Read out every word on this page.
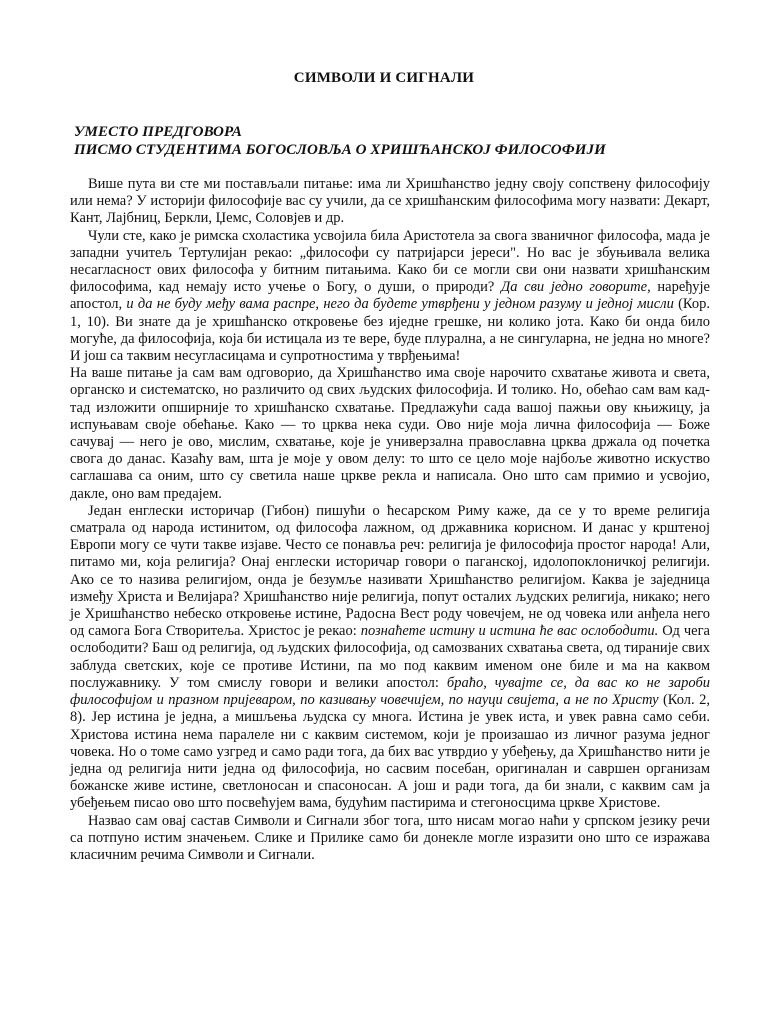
СИМВОЛИ И СИГНАЛИ
УМЕСТО ПРЕДГОВОРА
ПИСМО СТУДЕНТИМА БОГОСЛОВЉА О ХРИШЋАНСКОЈ ФИЛОСОФИЈИ

Више пута ви сте ми постављали питање: има ли Хришћанство једну своју сопствену философију или нема? У историји философије вас су учили, да се хришћанским философима могу назвати: Декарт, Кант, Лајбниц, Беркли, Џемс, Соловјев и др.

Чули сте, како је римска схоластика усвојила била Аристотела за свога званичног философа, мада је западни учитељ Тертулијан рекао: „философи су патријарси јереси". Но вас је збуњивала велика несагласност ових философа у битним питањима. Како би се могли сви они назвати хришћанским философима, кад немају исто учење о Богу, о души, о природи? Да сви једно говорите, наређује апостол, и да не буду међу вама распре, него да будете утврђени у једном разуму и једној мисли (Кор. 1, 10). Ви знате да је хришћанско откровење без иједне грешке, ни колико јота. Како би онда било могуће, да философија, која би истицала из те вере, буде плурална, а не сингуларна, не једна но многе? И још са таквим несугласицама и супротностима у тврђењима!

На ваше питање ја сам вам одговорио, да Хришћанство има своје нарочито схватање живота и света, органско и систематско, но различито од свих људских философија. И толико. Но, обећао сам вам кад-тад изложити опширније то хришћанско схватање. Предлажући сада вашој пажњи ову књижицу, ја испуњавам своје обећање. Како — то црква нека суди. Ово није моја лична философија — Боже сачувај — него је ово, мислим, схватање, које је универзална православна црква држала од почетка свога до данас. Казаћу вам, шта је моје у овом делу: то што се цело моје најбоље животно искуство саглашава са оним, што су светила наше цркве рекла и написала. Оно што сам примио и усвојио, дакле, оно вам предајем.

Један енглески историчар (Гибон) пишући о ћесарском Риму каже, да се у то време религија сматрала од народа истинитом, од философа лажном, од државника корисном. И данас у крштеној Европи могу се чути такве изјаве. Често се понавља реч: религија је философија простог народа! Али, питамо ми, која религија? Онај енглески историчар говори о паганској, идолопоклоничкој религији. Ако се то назива религијом, онда је безумље називати Хришћанство религијом. Каква је заједница између Христа и Велијара? Хришћанство није религија, попут осталих људских религија, никако; него је Хришћанство небеско откровење истине, Радосна Вест роду човечјем, не од човека или анђела него од самога Бога Створитеља. Христос је рекао: познаћете истину и истина ће вас ослободити. Од чега ослободити? Баш од религија, од људских философија, од самозваних схватања света, од тираније свих заблуда светских, које се противе Истини, па мо под каквим именом оне биле и ма на каквом послужавнику. У том смислу говори и велики апостол: браћо, чувајте се, да вас ко не зароби философијом и празном пријеваром, по казивању човечијем, по науци свијета, а не по Христу (Кол. 2, 8). Јер истина је једна, а мишљења људска су многа. Истина је увек иста, и увек равна само себи. Христова истина нема паралеле ни с каквим системом, који је произашао из личног разума једног човека. Но о томе само узгред и само ради тога, да бих вас утврдио у убеђењу, да Хришћанство нити је једна од религија нити једна од философија, но сасвим посебан, оригиналан и савршен организам божанске живе истине, светлоносан и спасоносан. А још и ради тога, да би знали, с каквим сам ја убеђењем писао ово што посвећујем вама, будућим пастирима и стегоносцима цркве Христове.

Назвао сам овај састав Символи и Сигнали због тога, што нисам могао наћи у српском језику речи са потпуно истим значењем. Слике и Прилике само би донекле могле изразити оно што се изражава класичним речима Символи и Сигнали.
